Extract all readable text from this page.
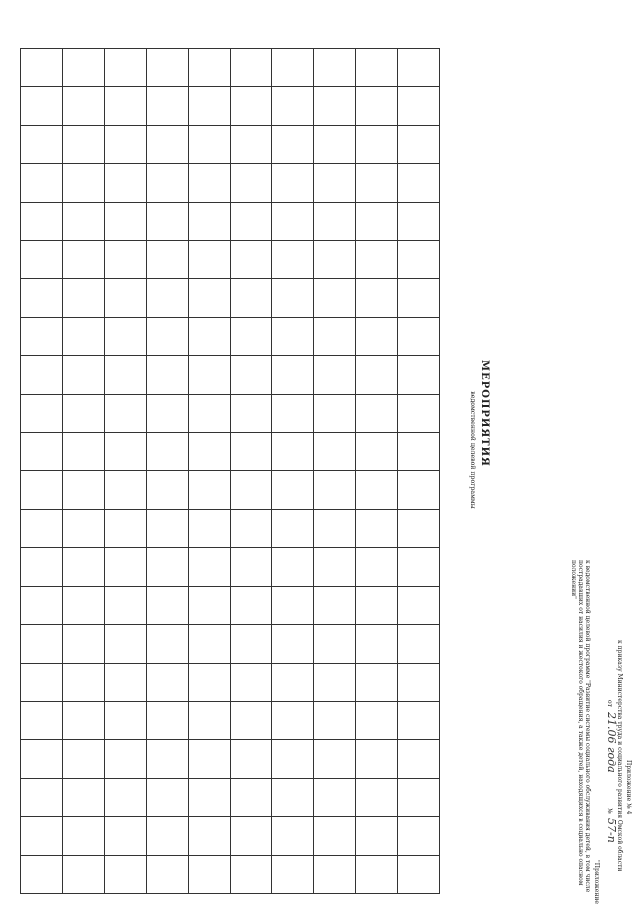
Приложение № 4
к приказу Министерства труда и социального развития Омской области
от
21.06 года
№
57-п
"Приложение
к ведомственной целевой программе "Развитие системы социального обслуживания детей, в том числе пострадавших от насилия и жестокого обращения, а также детей, находящихся в социально опасном положении"
МЕРОПРИЯТИЯ
ведомственной целевой программы
